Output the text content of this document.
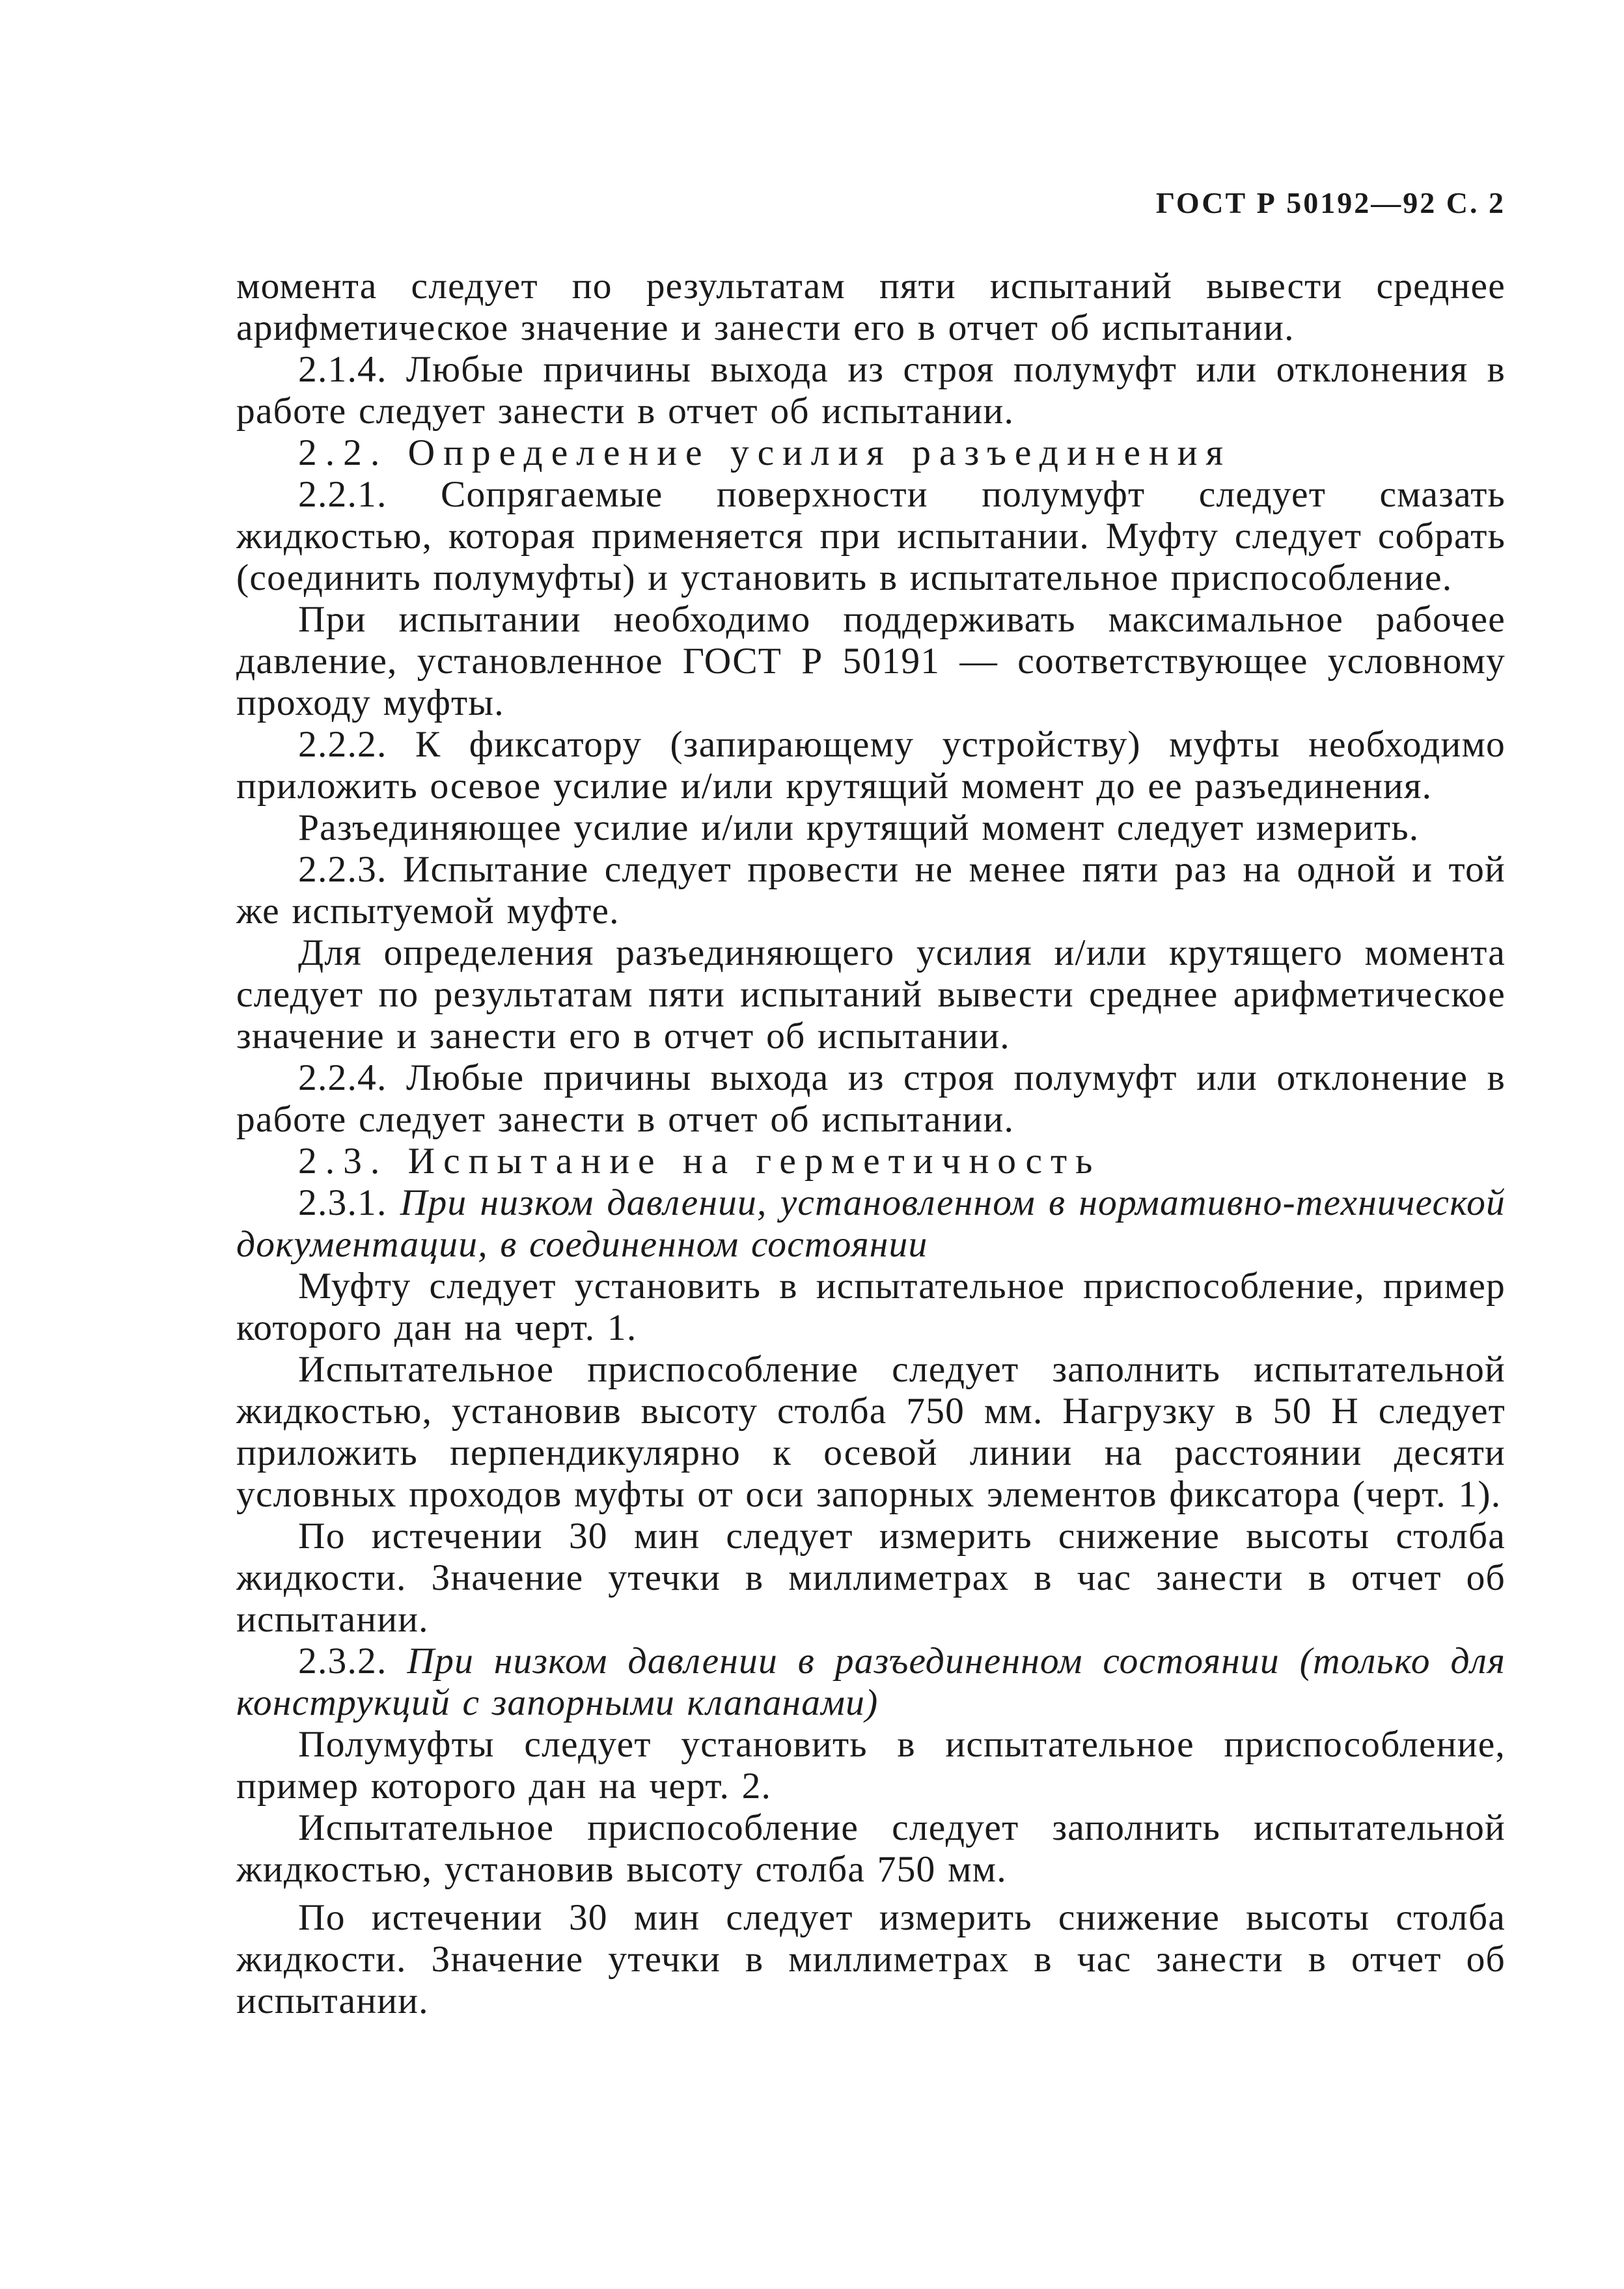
ГОСТ Р 50192—92 С. 2

момента следует по результатам пяти испытаний вывести среднее арифметическое значение и занести его в отчет об испытании.

2.1.4. Любые причины выхода из строя полумуфт или отклонения в работе следует занести в отчет об испытании.

2.2. Определение усилия разъединения

2.2.1. Сопрягаемые поверхности полумуфт следует смазать жидкостью, которая применяется при испытании. Муфту следует собрать (соединить полумуфты) и установить в испытательное приспособление.

При испытании необходимо поддерживать максимальное рабочее давление, установленное ГОСТ Р 50191 — соответствующее условному проходу муфты.

2.2.2. К фиксатору (запирающему устройству) муфты необходимо приложить осевое усилие и/или крутящий момент до ее разъединения.

Разъединяющее усилие и/или крутящий момент следует измерить.

2.2.3. Испытание следует провести не менее пяти раз на одной и той же испытуемой муфте.

Для определения разъединяющего усилия и/или крутящего момента следует по результатам пяти испытаний вывести среднее арифметическое значение и занести его в отчет об испытании.

2.2.4. Любые причины выхода из строя полумуфт или отклонение в работе следует занести в отчет об испытании.

2.3. Испытание на герметичность

2.3.1. При низком давлении, установленном в нормативно-технической документации, в соединенном состоянии

Муфту следует установить в испытательное приспособление, пример которого дан на черт. 1.

Испытательное приспособление следует заполнить испытательной жидкостью, установив высоту столба 750 мм. Нагрузку в 50 Н следует приложить перпендикулярно к осевой линии на расстоянии десяти условных проходов муфты от оси запорных элементов фиксатора (черт. 1).

По истечении 30 мин следует измерить снижение высоты столба жидкости. Значение утечки в миллиметрах в час занести в отчет об испытании.

2.3.2. При низком давлении в разъединенном состоянии (только для конструкций с запорными клапанами)

Полумуфты следует установить в испытательное приспособление, пример которого дан на черт. 2.

Испытательное приспособление следует заполнить испытательной жидкостью, установив высоту столба 750 мм.

По истечении 30 мин следует измерить снижение высоты столба жидкости. Значение утечки в миллиметрах в час занести в отчет об испытании.
